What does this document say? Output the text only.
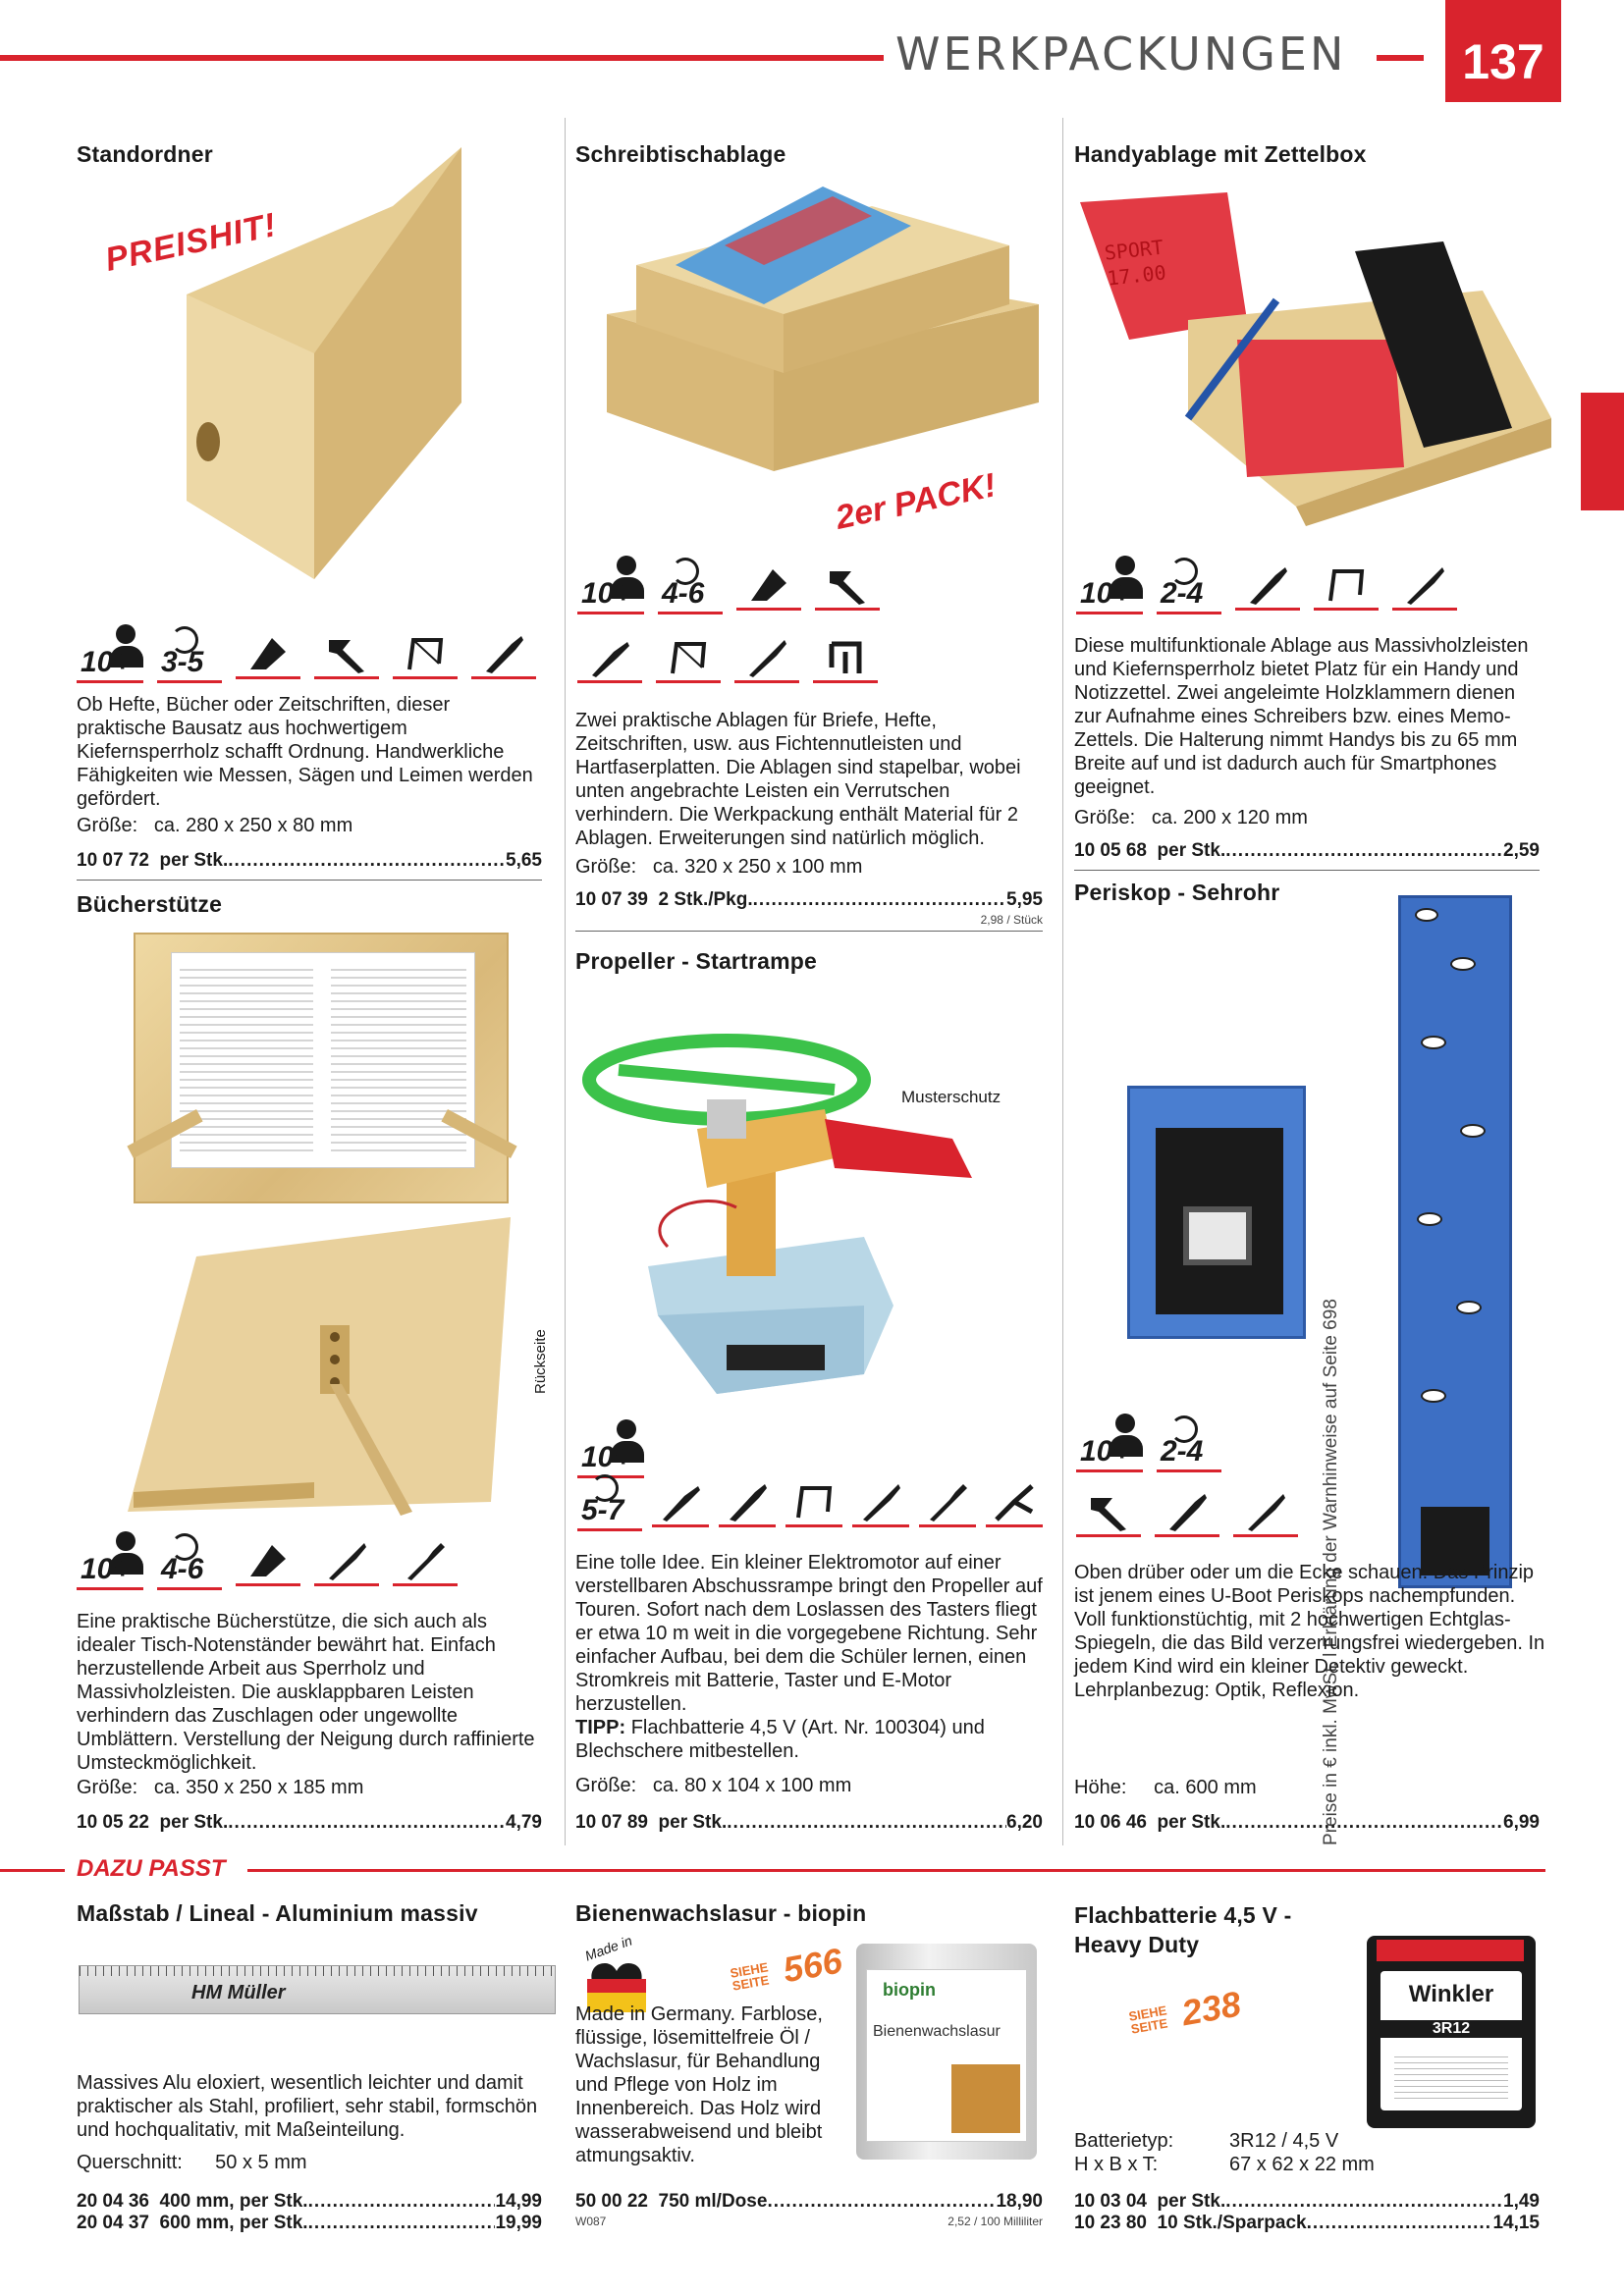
WERKPACKUNGEN	137
Preise in € inkl. MwSt. l Erklärung der Warnhinweise auf Seite 698
Standordner
PREISHIT!
10+ 3-5
Ob Hefte, Bücher oder Zeitschriften, dieser praktische Bausatz aus hochwertigem Kiefernsperrholz schafft Ordnung. Handwerkliche Fähigkeiten wie Messen, Sägen und Leimen werden gefördert.
Größe: ca. 280 x 250 x 80 mm
10 07 72
per Stk. .....	5,65
Bücherstütze
Rückseite
10+ 4-6
Eine praktische Bücherstütze, die sich auch als idealer Tisch-Notenständer bewährt hat. Einfach herzustellende Arbeit aus Sperrholz und Massivholzleisten. Die ausklappbaren Leisten verhindern das Zuschlagen oder ungewollte Umblättern. Verstellung der Neigung durch raffinierte Umsteckmöglichkeit.
Größe: ca. 350 x 250 x 185 mm
10 05 22
per Stk. .....	4,79
Schreibtischablage
2er PACK!
10+ 4-6
Zwei praktische Ablagen für Briefe, Hefte, Zeitschriften, usw. aus Fichtennutleisten und Hartfaserplatten. Die Ablagen sind stapelbar, wobei unten angebrachte Leisten ein Verrutschen verhindern. Die Werkpackung enthält Material für 2 Ablagen. Erweiterungen sind natürlich möglich.
Größe: ca. 320 x 250 x 100 mm
10 07 39
2 Stk./Pkg. .....	5,95
2,98 / Stück
Propeller - Startrampe
Musterschutz
10+
5-7
Eine tolle Idee. Ein kleiner Elektromotor auf einer verstellbaren Abschussrampe bringt den Propeller auf Touren. Sofort nach dem Loslassen des Tasters fliegt er etwa 10 m weit in die vorgegebene Richtung. Sehr einfacher Aufbau, bei dem die Schüler lernen, einen Stromkreis mit Batterie, Taster und E-Motor herzustellen.
TIPP: Flachbatterie 4,5 V (Art. Nr. 100304) und Blechschere mitbestellen.
Größe: ca. 80 x 104 x 100 mm
10 07 89
per Stk. .....	6,20
Handyablage mit Zettelbox
SPORT 17.00
10+ 2-4
Diese multifunktionale Ablage aus Massivholzleisten und Kiefernsperrholz bietet Platz für ein Handy und Notizzettel. Zwei angeleimte Holzklammern dienen zur Aufnahme eines Schreibers bzw. eines Memo-Zettels. Die Halterung nimmt Handys bis zu 65 mm Breite auf und ist dadurch auch für Smartphones geeignet.
Größe: ca. 200 x 120 mm
10 05 68
per Stk. .....	2,59
Periskop - Sehrohr
10+ 2-4
Oben drüber oder um die Ecke schauen. Das Prinzip ist jenem eines U-Boot Periskops nachempfunden. Voll funktionstüchtig, mit 2 hochwertigen Echtglas-Spiegeln, die das Bild verzerrungsfrei wiedergeben. In jedem Kind wird ein kleiner Detektiv geweckt. Lehrplanbezug: Optik, Reflexion.
Höhe: ca. 600 mm
10 06 46
per Stk. .....	6,99
DAZU PASST
Maßstab / Lineal - Aluminium massiv
HM Müller
Massives Alu eloxiert, wesentlich leichter und damit praktischer als Stahl, profiliert, sehr stabil, formschön und hochqualitativ, mit Maßeinteilung.
Querschnitt: 50 x 5 mm
20 04 36
400 mm, per Stk. .....	14,99
20 04 37
600 mm, per Stk. .....	19,99
Bienenwachslasur - biopin
Made in
SIEHE SEITE 566 biopin
Bienenwachslasur
Made in Germany. Farblose, flüssige, lösemittelfreie Öl / Wachslasur, für Behandlung und Pflege von Holz im Innenbereich. Das Holz wird wasserabweisend und bleibt atmungsaktiv.
50 00 22
750 ml/Dose .....	18,90
W087	2,52 / 100 Milliliter
Flachbatterie 4,5 V - Heavy Duty
SIEHE SEITE 238	Winkler
3R12
Batterietyp:	3R12 / 4,5 V
H x B x T:	67 x 62 x 22 mm
10 03 04
per Stk. .....	1,49
10 23 80
10 Stk./Sparpack .....	14,15
